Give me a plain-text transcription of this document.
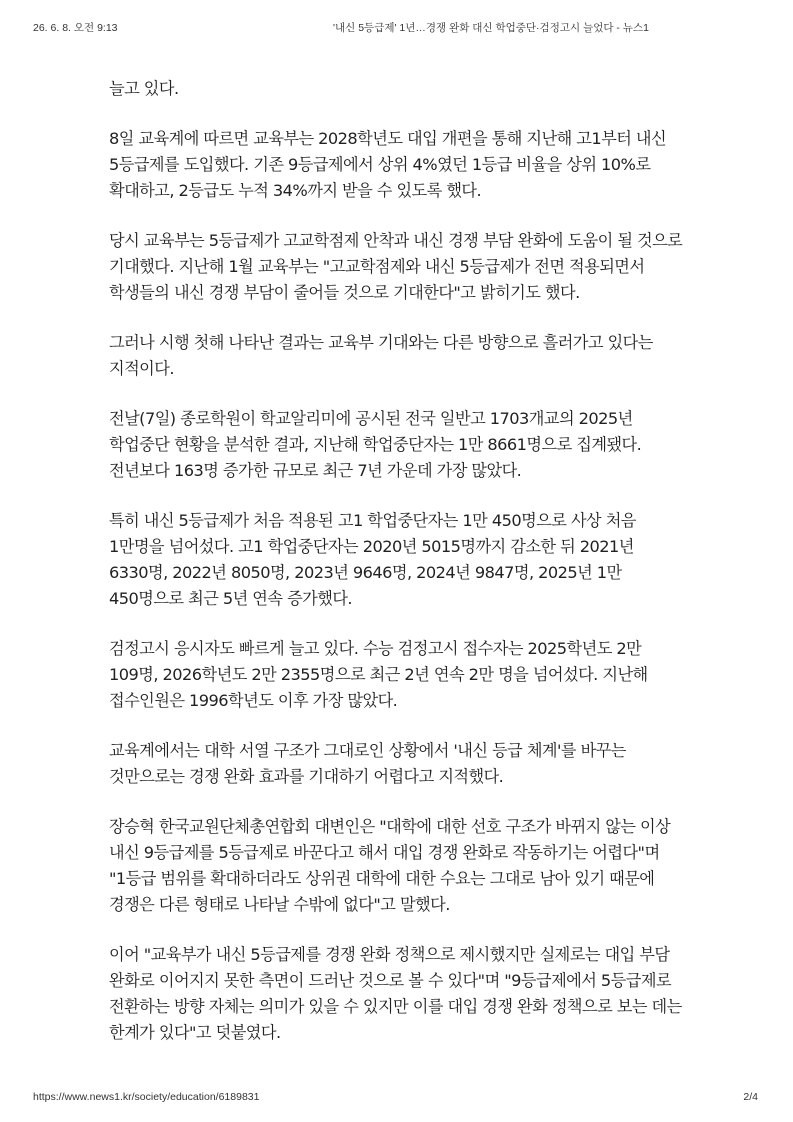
26. 6. 8. 오전 9:13	'내신 5등급제' 1년…경쟁 완화 대신 학업중단·검정고시 늘었다 - 뉴스1

늘고 있다.

8일 교육계에 따르면 교육부는 2028학년도 대입 개편을 통해 지난해 고1부터 내신 5등급제를 도입했다. 기존 9등급제에서 상위 4%였던 1등급 비율을 상위 10%로 확대하고, 2등급도 누적 34%까지 받을 수 있도록 했다.

당시 교육부는 5등급제가 고교학점제 안착과 내신 경쟁 부담 완화에 도움이 될 것으로 기대했다. 지난해 1월 교육부는 "고교학점제와 내신 5등급제가 전면 적용되면서 학생들의 내신 경쟁 부담이 줄어들 것으로 기대한다"고 밝히기도 했다.

그러나 시행 첫해 나타난 결과는 교육부 기대와는 다른 방향으로 흘러가고 있다는 지적이다.

전날(7일) 종로학원이 학교알리미에 공시된 전국 일반고 1703개교의 2025년 학업중단 현황을 분석한 결과, 지난해 학업중단자는 1만 8661명으로 집계됐다. 전년보다 163명 증가한 규모로 최근 7년 가운데 가장 많았다.

특히 내신 5등급제가 처음 적용된 고1 학업중단자는 1만 450명으로 사상 처음 1만명을 넘어섰다. 고1 학업중단자는 2020년 5015명까지 감소한 뒤 2021년 6330명, 2022년 8050명, 2023년 9646명, 2024년 9847명, 2025년 1만 450명으로 최근 5년 연속 증가했다.

검정고시 응시자도 빠르게 늘고 있다. 수능 검정고시 접수자는 2025학년도 2만 109명, 2026학년도 2만 2355명으로 최근 2년 연속 2만 명을 넘어섰다. 지난해 접수인원은 1996학년도 이후 가장 많았다.

교육계에서는 대학 서열 구조가 그대로인 상황에서 '내신 등급 체계'를 바꾸는 것만으로는 경쟁 완화 효과를 기대하기 어렵다고 지적했다.

장승혁 한국교원단체총연합회 대변인은 "대학에 대한 선호 구조가 바뀌지 않는 이상 내신 9등급제를 5등급제로 바꾼다고 해서 대입 경쟁 완화로 작동하기는 어렵다"며 "1등급 범위를 확대하더라도 상위권 대학에 대한 수요는 그대로 남아 있기 때문에 경쟁은 다른 형태로 나타날 수밖에 없다"고 말했다.

이어 "교육부가 내신 5등급제를 경쟁 완화 정책으로 제시했지만 실제로는 대입 부담 완화로 이어지지 못한 측면이 드러난 것으로 볼 수 있다"며 "9등급제에서 5등급제로 전환하는 방향 자체는 의미가 있을 수 있지만 이를 대입 경쟁 완화 정책으로 보는 데는 한계가 있다"고 덧붙였다.

https://www.news1.kr/society/education/6189831	2/4
